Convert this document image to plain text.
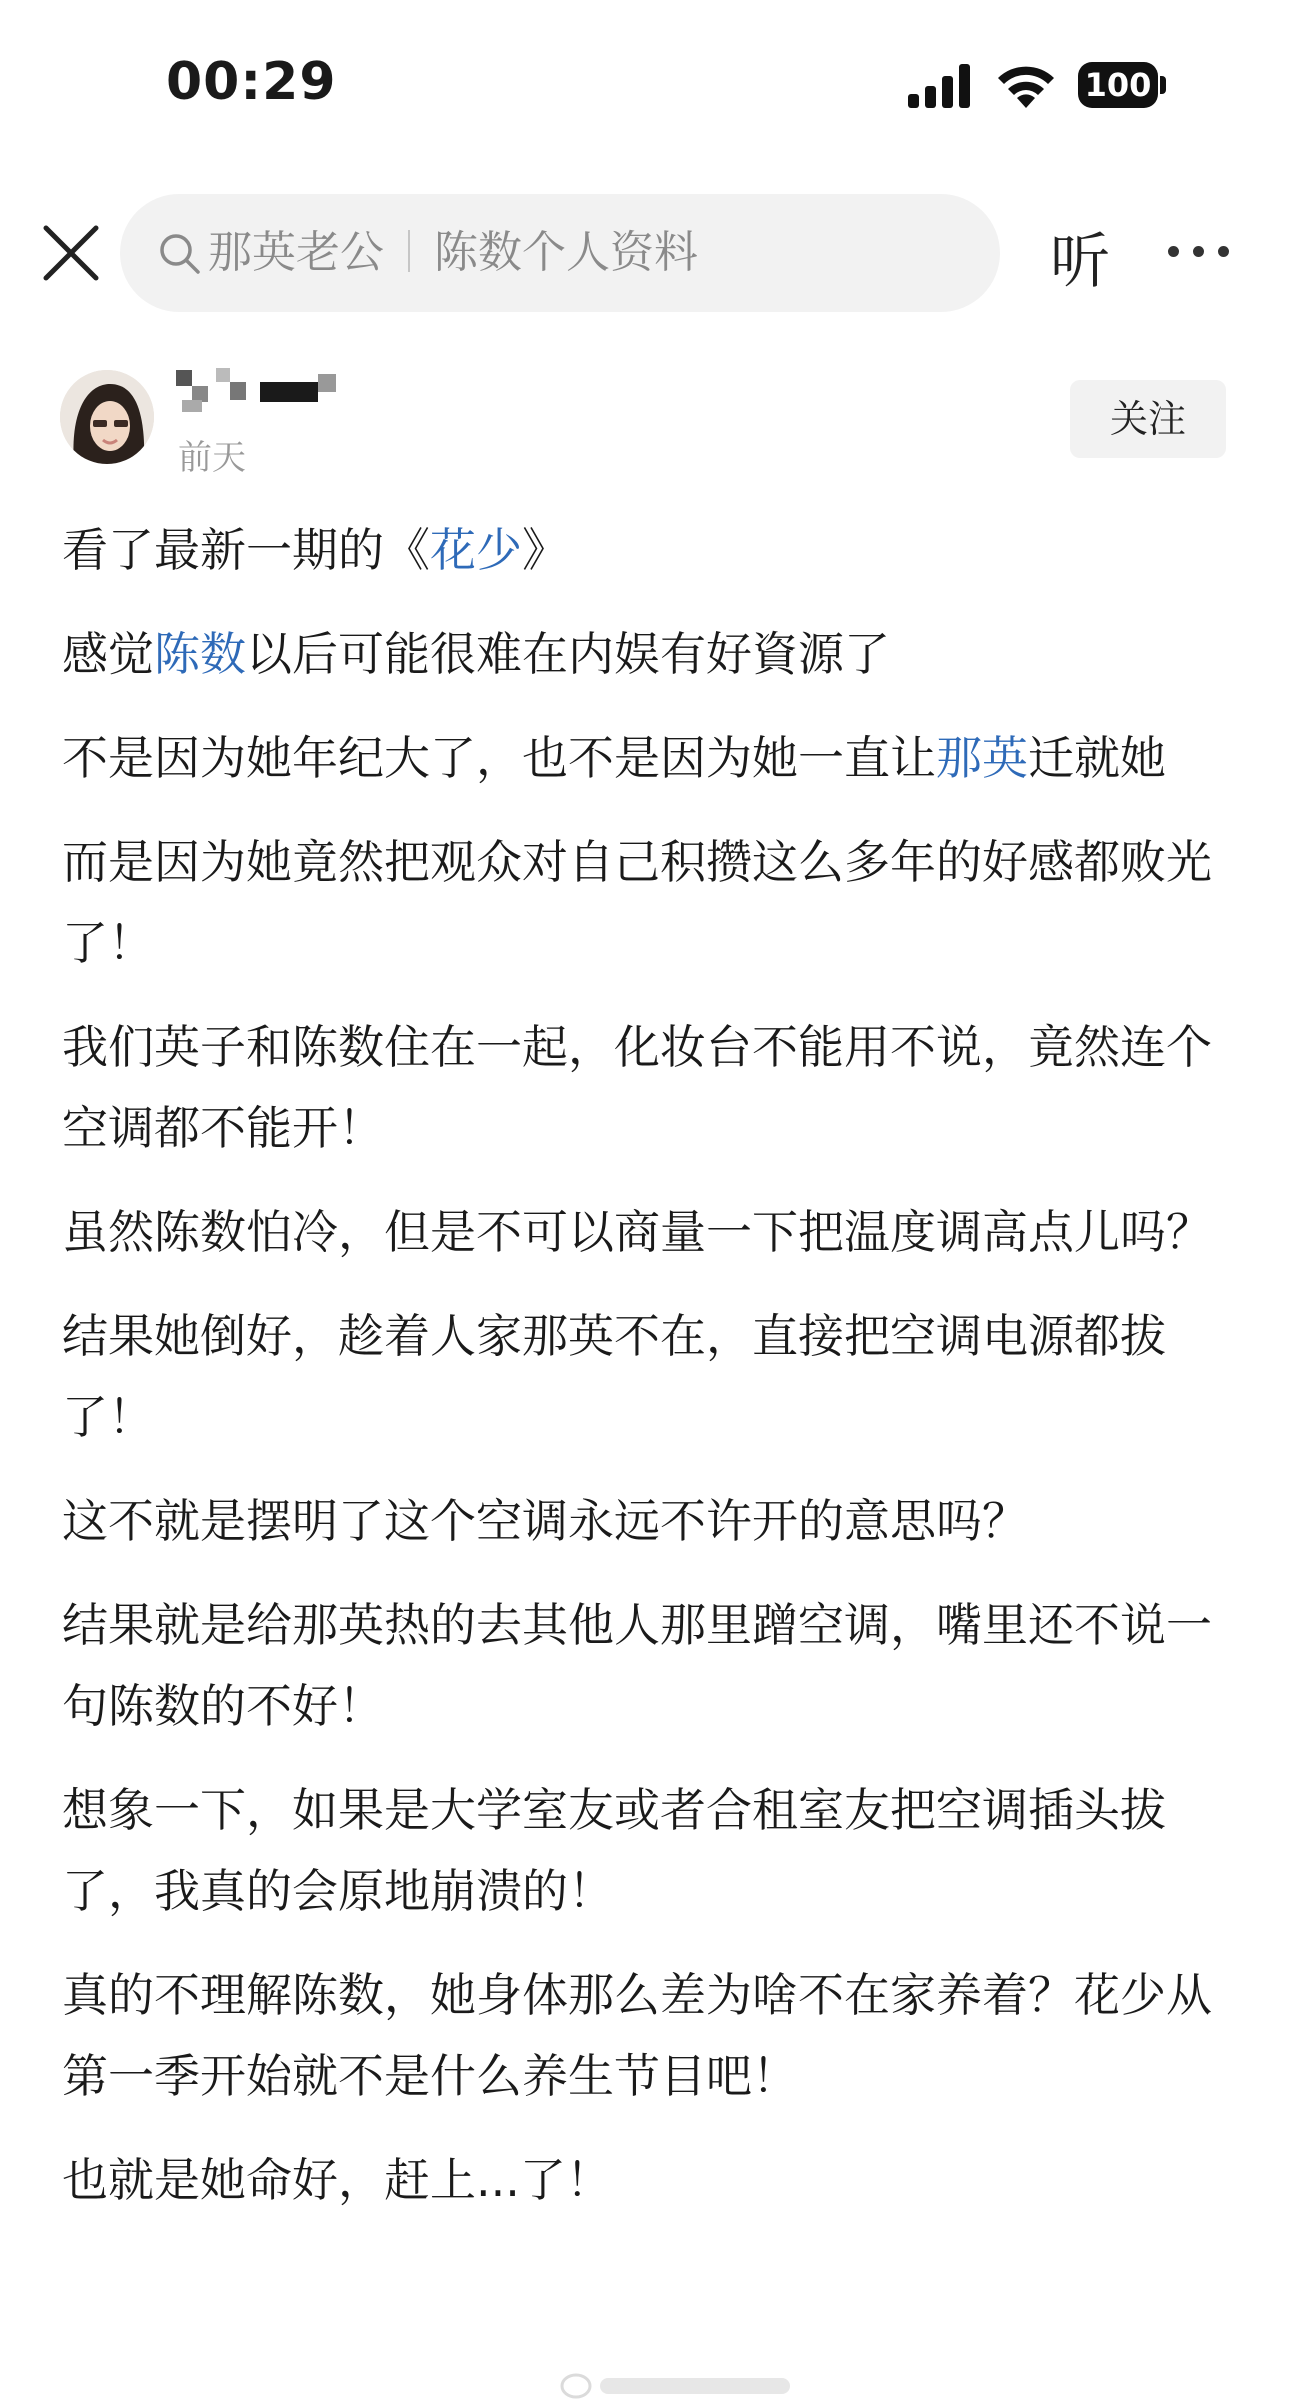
00:29	100
那英老公 陈数个人资料	听
前天
关注

看了最新一期的《花少》

感觉陈数以后可能很难在内娱有好資源了

不是因为她年纪大了，也不是因为她一直让那英迁就她

而是因为她竟然把观众对自己积攒这么多年的好感都败光了！

我们英子和陈数住在一起，化妆台不能用不说，竟然连个空调都不能开！

虽然陈数怕冷，但是不可以商量一下把温度调高点儿吗？

结果她倒好，趁着人家那英不在，直接把空调电源都拔了！

这不就是摆明了这个空调永远不许开的意思吗？

结果就是给那英热的去其他人那里蹭空调，嘴里还不说一句陈数的不好！

想象一下，如果是大学室友或者合租室友把空调插头拔了，我真的会原地崩溃的！

真的不理解陈数，她身体那么差为啥不在家养着？花少从第一季开始就不是什么养生节目吧！

也就是她命好，赶上...了！
